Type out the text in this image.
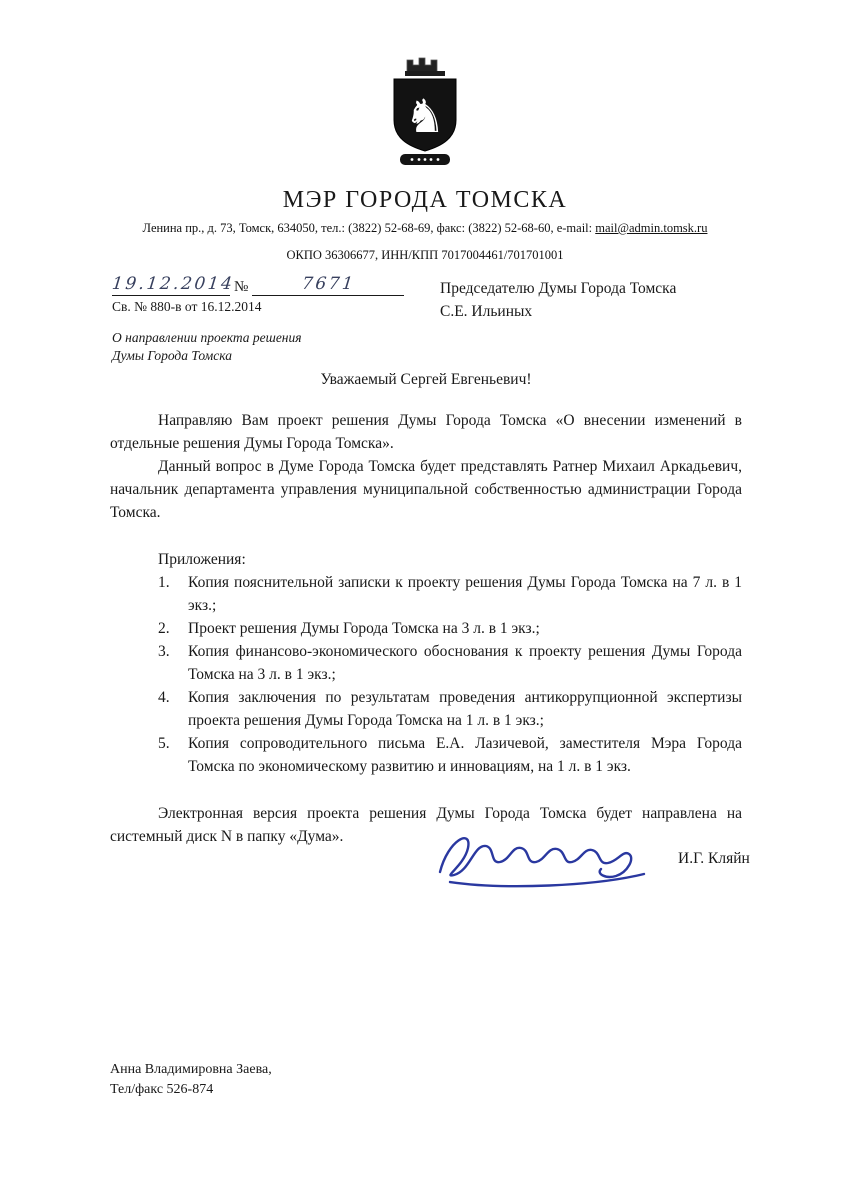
♞
МЭР ГОРОДА ТОМСКА
Ленина пр., д. 73, Томск, 634050, тел.: (3822) 52-68-69, факс: (3822) 52-68-60, e-mail: mail@admin.tomsk.ru
ОКПО 36306677, ИНН/КПП 7017004461/701701001
19.12.2014№	7671
Св. № 880-в от 16.12.2014
О направлении проекта решения
Думы Города Томска
Председателю Думы Города Томска
С.Е. Ильиных
Уважаемый Сергей Евгеньевич!
Направляю Вам проект решения Думы Города Томска «О внесении изменений в отдельные решения Думы Города Томска».
Данный вопрос в Думе Города Томска будет представлять Ратнер Михаил Аркадьевич, начальник департамента управления муниципальной собственностью администрации Города Томска.
Приложения:
1.	Копия пояснительной записки к проекту решения Думы Города Томска на 7 л. в 1 экз.;
2.	Проект решения Думы Города Томска на 3 л. в 1 экз.;
3.	Копия финансово-экономического обоснования к проекту решения Думы Города Томска на 3 л. в 1 экз.;
4.	Копия заключения по результатам проведения антикоррупционной экспертизы проекта решения Думы Города Томска на 1 л. в 1 экз.;
5.	Копия сопроводительного письма Е.А. Лазичевой, заместителя Мэра Города Томска по экономическому развитию и инновациям, на 1 л. в 1 экз.
Электронная версия проекта решения Думы Города Томска будет направлена на системный диск N в папку «Дума».
И.Г. Кляйн
Анна Владимировна Заева,
Тел/факс 526-874
